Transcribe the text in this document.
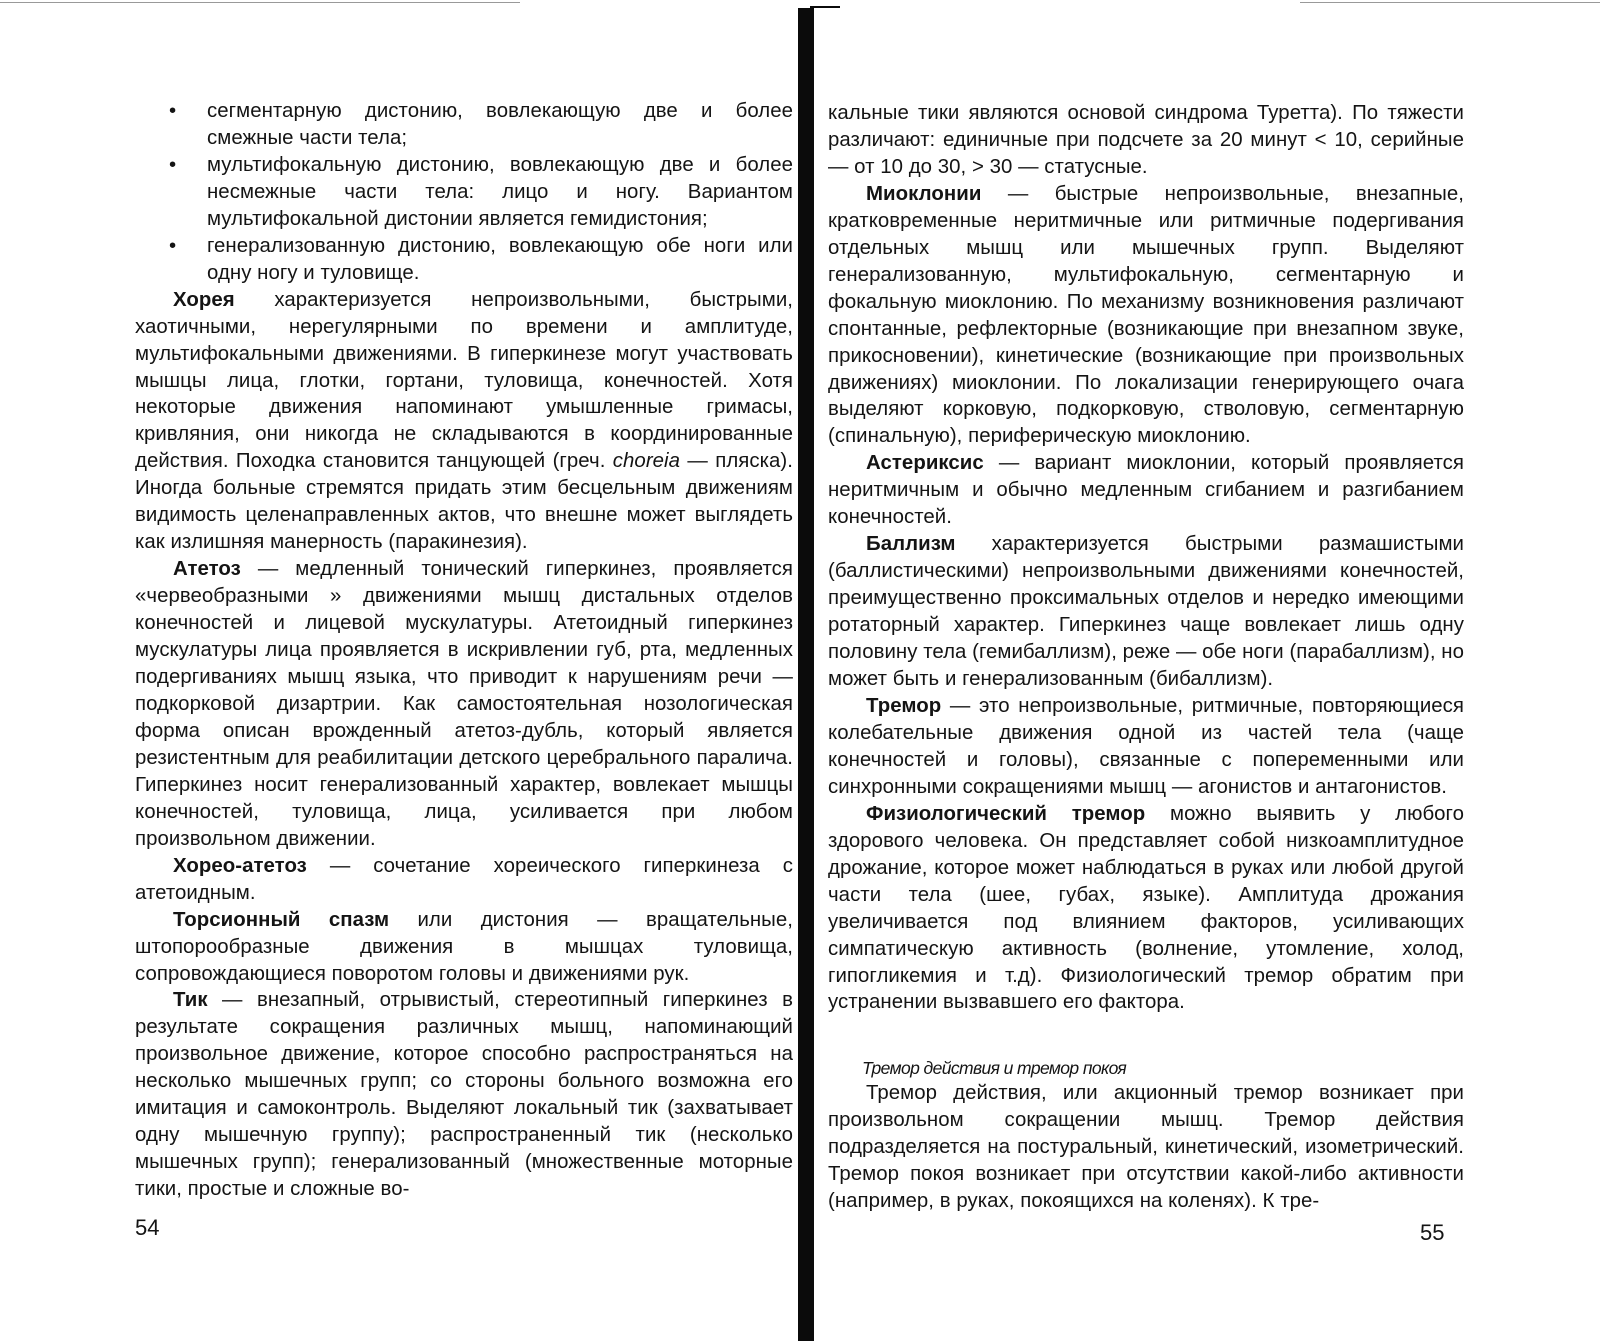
• сегментарную дистонию, вовлекающую две и более смежные части тела;
• мультифокальную дистонию, вовлекающую две и более несмежные части тела: лицо и ногу. Вариантом мультифокальной дистонии является гемидистония;
• генерализованную дистонию, вовлекающую обе ноги или одну ногу и туловище.

Хорея характеризуется непроизвольными, быстрыми, хаотичными, нерегулярными по времени и амплитуде, мультифокальными движениями. В гиперкинезе могут участвовать мышцы лица, глотки, гортани, туловища, конечностей. Хотя некоторые движения напоминают умышленные гримасы, кривляния, они никогда не складываются в координированные действия. Походка становится танцующей (греч. choreia — пляска). Иногда больные стремятся придать этим бесцельным движениям видимость целенаправленных актов, что внешне может выглядеть как излишняя манерность (паракинезия).

Атетоз — медленный тонический гиперкинез, проявляется «червеобразными » движениями мышц дистальных отделов конечностей и лицевой мускулатуры. Атетоидный гиперкинез мускулатуры лица проявляется в искривлении губ, рта, медленных подергиваниях мышц языка, что приводит к нарушениям речи — подкорковой дизартрии. Как самостоятельная нозологическая форма описан врожденный атетоз-дубль, который является резистентным для реабилитации детского церебрального паралича. Гиперкинез носит генерализованный характер, вовлекает мышцы конечностей, туловища, лица, усиливается при любом произвольном движении.

Хорео-атетоз — сочетание хореического гиперкинеза с атетоидным.

Торсионный спазм или дистония — вращательные, штопорообразные движения в мышцах туловища, сопровождающиеся поворотом головы и движениями рук.

Тик — внезапный, отрывистый, стереотипный гиперкинез в результате сокращения различных мышц, напоминающий произвольное движение, которое способно распространяться на несколько мышечных групп; со стороны больного возможна его имитация и самоконтроль. Выделяют локальный тик (захватывает одну мышечную группу); распространенный тик (несколько мышечных групп); генерализованный (множественные моторные тики, простые и сложные во-

54

кальные тики являются основой синдрома Туретта). По тяжести различают: единичные при подсчете за 20 минут < 10, серийные — от 10 до 30, > 30 — статусные.

Миоклонии — быстрые непроизвольные, внезапные, кратковременные неритмичные или ритмичные подергивания отдельных мышц или мышечных групп. Выделяют генерализованную, мультифокальную, сегментарную и фокальную миоклонию. По механизму возникновения различают спонтанные, рефлекторные (возникающие при внезапном звуке, прикосновении), кинетические (возникающие при произвольных движениях) миоклонии. По локализации генерирующего очага выделяют корковую, подкорковую, стволовую, сегментарную (спинальную), периферическую миоклонию.

Астериксис — вариант миоклонии, который проявляется неритмичным и обычно медленным сгибанием и разгибанием конечностей.

Баллизм характеризуется быстрыми размашистыми (баллистическими) непроизвольными движениями конечностей, преимущественно проксимальных отделов и нередко имеющими ротаторный характер. Гиперкинез чаще вовлекает лишь одну половину тела (гемибаллизм), реже — обе ноги (парабаллизм), но может быть и генерализованным (бибаллизм).

Тремор — это непроизвольные, ритмичные, повторяющиеся колебательные движения одной из частей тела (чаще конечностей и головы), связанные с попеременными или синхронными сокращениями мышц — агонистов и антагонистов.

Физиологический тремор можно выявить у любого здорового человека. Он представляет собой низкоамплитудное дрожание, которое может наблюдаться в руках или любой другой части тела (шее, губах, языке). Амплитуда дрожания увеличивается под влиянием факторов, усиливающих симпатическую активность (волнение, утомление, холод, гипогликемия и т.д). Физиологический тремор обратим при устранении вызвавшего его фактора.

Тремор действия и тремор покоя

Тремор действия, или акционный тремор возникает при произвольном сокращении мышц. Тремор действия подразделяется на постуральный, кинетический, изометрический. Тремор покоя возникает при отсутствии какой-либо активности (например, в руках, покоящихся на коленях). К тре-

55
